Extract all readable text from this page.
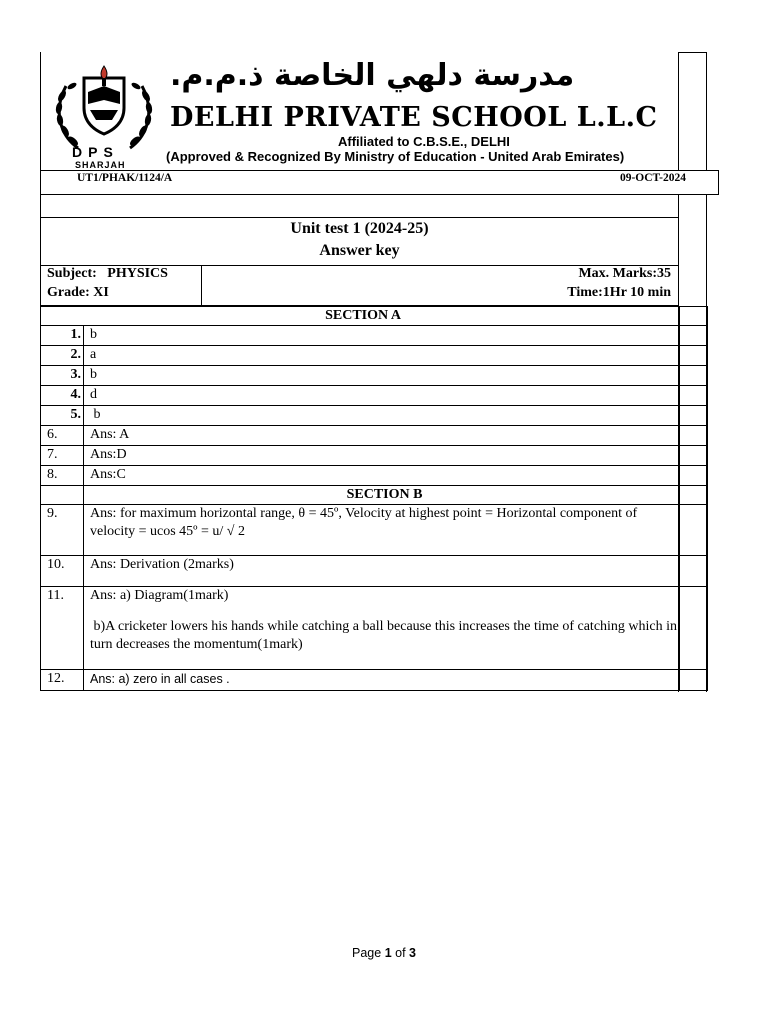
DPS
SHARJAH
مدرسة دلهي الخاصة ذ.م.م.
DELHI PRIVATE SCHOOL L.L.C
Affiliated to C.B.S.E., DELHI
(Approved & Recognized By Ministry of Education - United Arab Emirates)
UT1/PHAK/1124/A	09-OCT-2024
Unit test 1 (2024-25)
Answer key
Subject:   PHYSICS
Grade: XI
Max. Marks:35
Time:1Hr 10 min
SECTION A		
1.	b	
2.	a	
3.	b	
4.	d	
5.	b	
6.	Ans: A	
7.	Ans:D	
8.	Ans:C	
	SECTION B	
9.	Ans: for maximum horizontal range, θ = 45º, Velocity at highest point = Horizontal component of velocity = ucos 45º = u/ √ 2	
10.	Ans: Derivation (2marks)	
11.	Ans: a) Diagram(1mark)
b)A cricketer lowers his hands while catching a ball because this increases the time of catching which in turn decreases the momentum(1mark)	

12.	Ans: a) zero in all cases .	
Page 1 of 3
